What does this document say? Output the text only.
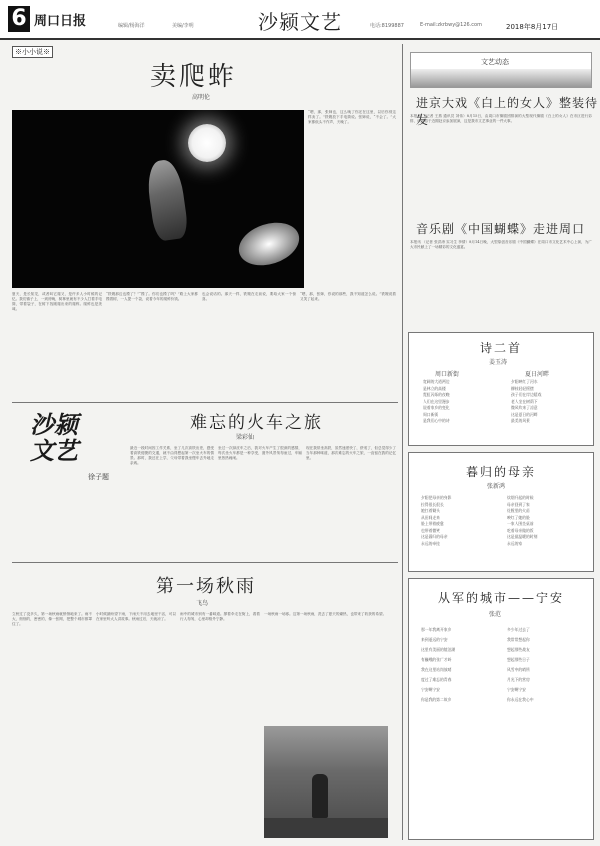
6 周口日报	编辑/杨海洋	美编/李明	沙颍文艺	电话:8199887	E-mail:zkrbwy@126.com	2018年8月17日
※小小说※
卖爬蚱
高明伦
“嗯，那，张婶也，这么晚了你还在这里，以后你别这样卖了。”铁嫂放下手电筒说。张婶说，“不会了。”大家都低头不作声，天晚了。
夏天，是长知龙，或者叫它爬叉，是许多人小时候的记忆。我们镇子上，一到傍晚，树林里就有不少人打着手电筒，带着袋子，在树下找刚爬出来的爬蚱。爬蚱也是美味。
“铁嫂那边也摸了？”“摸了。你们也摸了吗？”路上大家都摸着树，一人提一个袋，说着今年的爬蚱价钱。
也会说话的。那天一样，铁嫂在走前说，要给大家一个惊喜。
“嗯，那，张婶，你说的那些，我不知道怎么说。”铁嫂说着又笑了起来。
沙颍文艺
徐子题
难忘的火车之旅
梁彩仙
最近一段时间因工作关系，坐了几次高铁出差，感受着高铁便捷的交通，就不由得想起第一次坐火车的情景。那时，我还在上学，父母带着我坐慢车去外地走亲戚。
坐过一次绿皮车之后，我对火车产生了很深的感情，每次坐火车都是一种享受，窗外风景匆匆而过，车厢里热热闹闹。
现在我常坐高铁，虽然速度快了，舒适了，但总觉得少了当年那种味道，那次难忘的火车之旅，一直留在我的记忆里。
第一场秋雨
飞鸟
立秋过了没多久，第一场秋雨就悄悄地来了。雨不大，细细的，密密的，像一张网，把整个城市都罩住了。
小时候最盼望下雨，下雨天不用去地里干活，可以在家里听大人讲故事。秋雨过后，天就凉了。
雨中的城市别有一番味道。撑着伞走在街上，看着行人匆匆，心里却格外宁静。
一场秋雨一场寒。这第一场秋雨，洗去了夏天的燥热，也带来了收获的希望。
文艺动态
进京大戏《白上的女人》整装待发
本报讯 （记者 王燕 通讯员 刘伟）8月15日，由周口市豫剧团排演的大型现代豫剧《白上的女人》在市区进行彩排，该剧将于近期赴京参加展演，这是我市文艺事业的一件大事。
音乐剧《中国蝴蝶》走进周口
本报讯 （记者 张洪涛 实习生 李倩）8月14日晚，大型原创音乐剧《中国蝴蝶》在周口市文化艺术中心上演，为广大市民献上了一场精彩的文化盛宴。
诗二首
姜玉涛
周口新街	夏日河畔
宽阔的大道两边
是林立的高楼
霓虹闪烁的夜晚
人们在这里漫步
说着家乡的变化
周口新街
是我们心中的诗
夕阳映红了河水
柳枝轻轻摇摆
孩子们在岸边嬉戏
老人坐在树荫下
微风吹来了凉意
这是夏日的河畔
最美的风景
暮归的母亲
张新鸿
夕阳把母亲的身影
拉得很长很长
她扛着锄头
从田间走来
脸上带着疲惫
也带着微笑
这是暮归的母亲
永远的牵挂
炊烟升起的时候
母亲回到了家
灶膛里的火苗
映红了她的脸
一家人围坐桌前
吃着母亲做的饭
这是最温暖的时刻
永远的家
从军的城市——宁安
张范
那一年我离开家乡
来到遥远的宁安
这里有美丽的镜泊湖
有巍峨的张广才岭
我在这里站岗放哨
度过了难忘的青春
宁安啊宁安
你是我的第二故乡
多少年过去了
我常常想起你
想起那些战友
想起那些日子
风雪中的哨所
月光下的营房
宁安啊宁安
你永远在我心中
